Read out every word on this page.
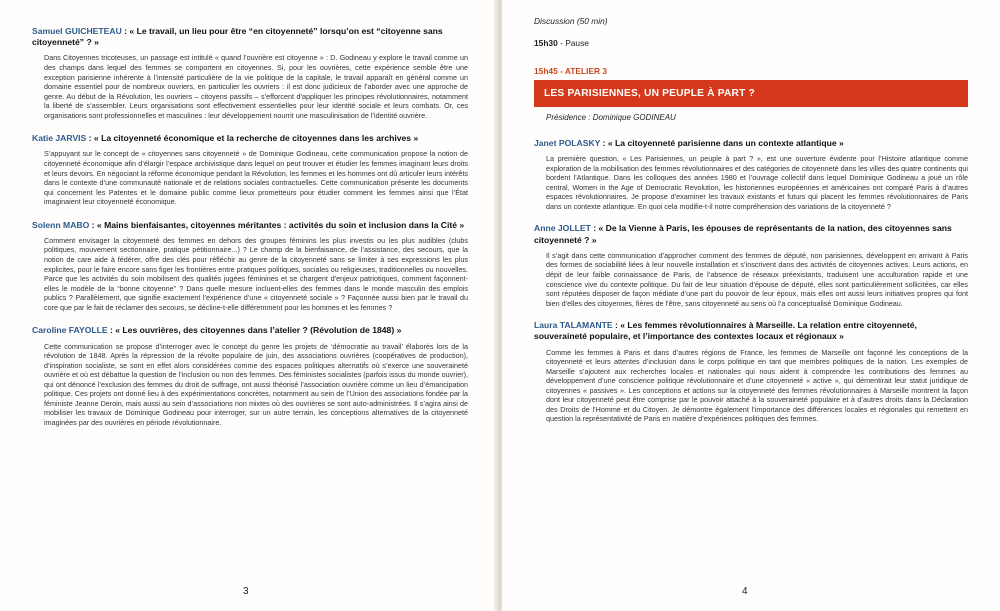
Samuel GUICHETEAU : « Le travail, un lieu pour être “en citoyenneté” lorsqu’on est “citoyenne sans citoyenneté” ? »
Dans Citoyennes tricoteuses, un passage est intitulé « quand l’ouvrière est citoyenne » : D. Godineau y explore le travail comme un des champs dans lequel des femmes se comportent en citoyennes. Si, pour les ouvrières, cette expérience semble être une exception parisienne inhérente à l’intensité particulière de la vie politique de la capitale, le travail apparaît en général comme un domaine essentiel pour de nombreux ouvriers, en particulier les ouvriers : il est donc judicieux de l’aborder avec une approche de genre. Au début de la Révolution, les ouvriers – citoyens passifs – s’efforcent d’appliquer les principes révolutionnaires, notamment la liberté de s’assembler. Leurs organisations sont effectivement essentielles pour leur identité sociale et leurs combats. Or, ces organisations sont professionnelles et masculines : leur développement nourrit une masculinisation de l’identité ouvrière.
Katie JARVIS : « La citoyenneté économique et la recherche de citoyennes dans les archives »
S’appuyant sur le concept de « citoyennes sans citoyenneté » de Dominique Godineau, cette communication propose la notion de citoyenneté économique afin d’élargir l’espace archivistique dans lequel on peut trouver et étudier les femmes imaginant leurs droits et leurs devoirs. En négociant la réforme économique pendant la Révolution, les femmes et les hommes ont dû articuler leurs intérêts dans le contexte d’une communauté nationale et de relations sociales contractuelles. Cette communication présente les documents qui concernent les Patentes et le domaine public comme lieux prometteurs pour étudier comment les femmes ainsi que l’État imaginaient leur citoyenneté économique.
Solenn MABO : « Mains bienfaisantes, citoyennes méritantes : activités du soin et inclusion dans la Cité »
Comment envisager la citoyenneté des femmes en dehors des groupes féminins les plus investis ou les plus audibles (clubs politiques, mouvement sectionnaire, pratique pétitionnaire...) ? Le champ de la bienfaisance, de l’assistance, des secours, que la notion de care aide à fédérer, offre des clés pour réfléchir au genre de la citoyenneté sans se limiter à ses expressions les plus explicites, pour le faire encore sans figer les frontières entre pratiques politiques, sociales ou religieuses, traditionnelles ou nouvelles. Parce que les activités du soin mobilisent des qualités jugées féminines et se chargent d’enjeux patriotiques, comment façonnent-elles le modèle de la “bonne citoyenne” ? Dans quelle mesure incluent-elles des femmes dans le monde masculin des emplois publics ? Parallèlement, que signifie exactement l’expérience d’une « citoyenneté sociale » ? Façonnée aussi bien par le travail du core que par le fait de réclamer des secours, se décline-t-elle différemment pour les hommes et les femmes ?
Caroline FAYOLLE : « Les ouvrières, des citoyennes dans l’atelier ? (Révolution de 1848) »
Cette communication se propose d’interroger avec le concept du genre les projets de ‘démocratie au travail’ élaborés lors de la révolution de 1848. Après la répression de la révolte populaire de juin, des associations ouvrières (coopératives de production), d’inspiration socialiste, se sont en effet alors considérées comme des espaces politiques alternatifs où s’exerce une souveraineté ouvrière et où est débattue la question de l’inclusion ou non des femmes. Des féministes socialistes (parfois issus du monde ouvrier), qui ont dénoncé l’exclusion des femmes du droit de suffrage, ont aussi théorisé l’association ouvrière comme un lieu d’émancipation politique. Ces projets ont donné lieu à des expérimentations concrètes, notamment au sein de l’Union des associations fondée par la féministe Jeanne Deroin, mais aussi au sein d’associations non mixtes où des ouvrières se sont auto-administrées. Il s’agira ainsi de mobiliser les travaux de Dominique Godineau pour interroger, sur un autre terrain, les conceptions alternatives de la citoyenneté imaginées par des ouvrières en période révolutionnaire.
3
Discussion (50 min)
15h30 - Pause
15h45 - ATELIER 3
LES PARISIENNES, UN PEUPLE À PART ?
Présidence : Dominique GODINEAU
Janet POLASKY : « La citoyenneté parisienne dans un contexte atlantique »
La première question, « Les Parisiennes, un peuple à part ? », est une ouverture évidente pour l’Histoire atlantique comme exploration de la mobilisation des femmes révolutionnaires et des catégories de citoyenneté dans les villes des quatre continents qui bordent l’Atlantique. Dans les colloques des années 1980 et l’ouvrage collectif dans lequel Dominique Godineau a joué un rôle central, Women in the Age of Democratic Revolution, les historiennes européennes et américaines ont comparé Paris à d’autres espaces révolutionnaires. Je propose d’examiner les travaux existants et futurs qui placent les femmes révolutionnaires de Paris dans un contexte atlantique. En quoi cela modifie-t-il notre compréhension des variations de la citoyenneté ?
Anne JOLLET : « De la Vienne à Paris, les épouses de représentants de la nation, des citoyennes sans citoyenneté ? »
Il s’agit dans cette communication d’approcher comment des femmes de député, non parisiennes, développent en arrivant à Paris des formes de sociabilité liées à leur nouvelle installation et s’inscrivent dans des activités de citoyennes actives. Leurs actions, en dépit de leur faible connaissance de Paris, de l’absence de réseaux préexistants, traduisent une acculturation rapide et une conscience vive du contexte politique. Du fait de leur situation d’épouse de député, elles sont particulièrement sollicitées, car elles sont réputées disposer de façon médiate d’une part du pouvoir de leur époux, mais elles ont aussi leurs initiatives propres qui font bien d’elles des citoyennes, fières de l’être, sans citoyenneté au sens où l’a conceptualisé Dominique Godineau.
Laura TALAMANTE : « Les femmes révolutionnaires à Marseille. La relation entre citoyenneté, souveraineté populaire, et l’importance des contextes locaux et régionaux »
Comme les femmes à Paris et dans d’autres régions de France, les femmes de Marseille ont façonné les conceptions de la citoyenneté et leurs attentes d’inclusion dans le corps politique en tant que membres politiques de la nation. Les exemples de Marseille s’ajoutent aux recherches locales et nationales qui nous aident à comprendre les contributions des femmes au développement d’une conscience politique révolutionnaire et d’une citoyenneté « active », qui démentirait leur statut juridique de citoyennes « passives ». Les conceptions et actions sur la citoyenneté des femmes révolutionnaires à Marseille montrent la façon dont leur citoyenneté peut être comprise par le pouvoir attaché à la souveraineté populaire et à d’autres droits dans la Déclaration des Droits de l’Homme et du Citoyen. Je démontre également l’importance des différences locales et régionales qui remettent en question la représentativité de Paris en matière d’expériences politiques des femmes.
4
